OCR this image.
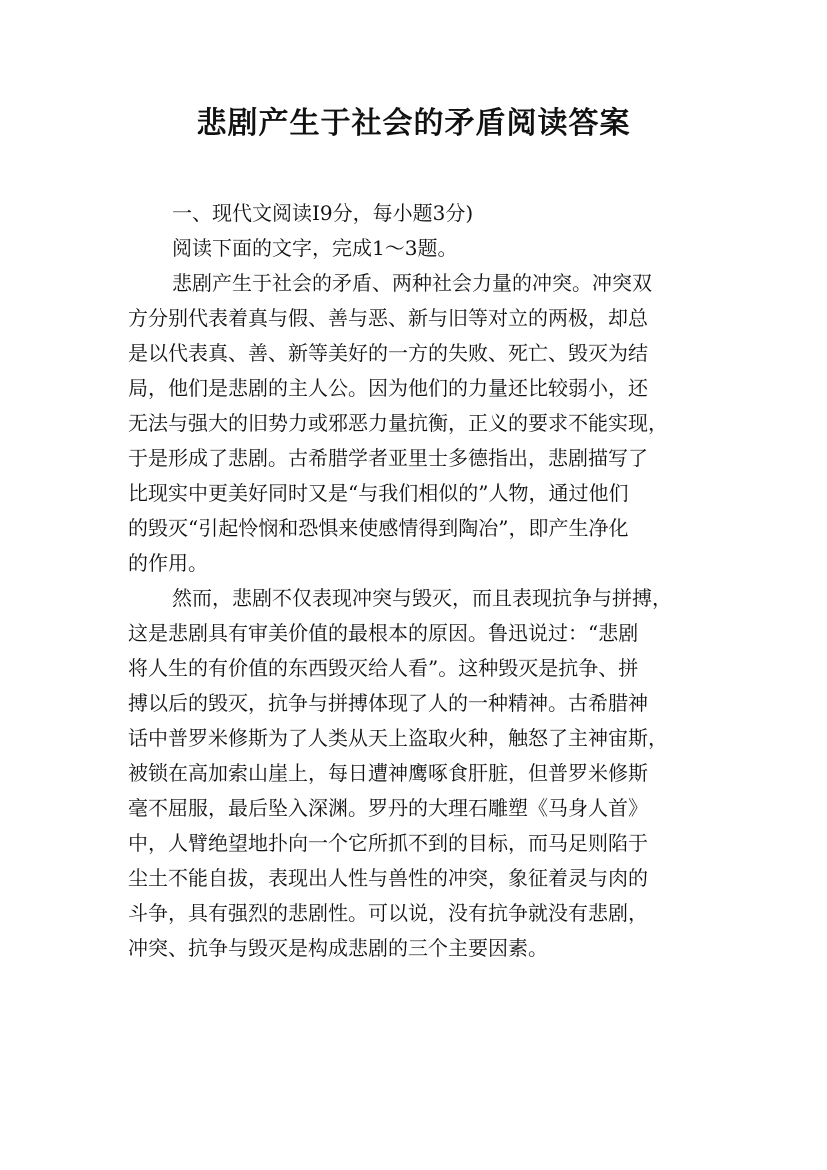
悲剧产生于社会的矛盾阅读答案
一、现代文阅读Ⅰ9分，每小题3分)
阅读下面的文字，完成1～3题。
悲剧产生于社会的矛盾、两种社会力量的冲突。冲突双
方分别代表着真与假、善与恶、新与旧等对立的两极，却总
是以代表真、善、新等美好的一方的失败、死亡、毁灭为结
局，他们是悲剧的主人公。因为他们的力量还比较弱小，还
无法与强大的旧势力或邪恶力量抗衡，正义的要求不能实现，
于是形成了悲剧。古希腊学者亚里士多德指出，悲剧描写了
比现实中更美好同时又是“与我们相似的”人物，通过他们
的毁灭“引起怜悯和恐惧来使感情得到陶冶”，即产生净化
的作用。
然而，悲剧不仅表现冲突与毁灭，而且表现抗争与拼搏，
这是悲剧具有审美价值的最根本的原因。鲁迅说过：“悲剧
将人生的有价值的东西毁灭给人看”。这种毁灭是抗争、拼
搏以后的毁灭，抗争与拼搏体现了人的一种精神。古希腊神
话中普罗米修斯为了人类从天上盗取火种，触怒了主神宙斯，
被锁在高加索山崖上，每日遭神鹰啄食肝脏，但普罗米修斯
毫不屈服，最后坠入深渊。罗丹的大理石雕塑《马身人首》
中，人臂绝望地扑向一个它所抓不到的目标，而马足则陷于
尘土不能自拔，表现出人性与兽性的冲突，象征着灵与肉的
斗争，具有强烈的悲剧性。可以说，没有抗争就没有悲剧，
冲突、抗争与毁灭是构成悲剧的三个主要因素。
